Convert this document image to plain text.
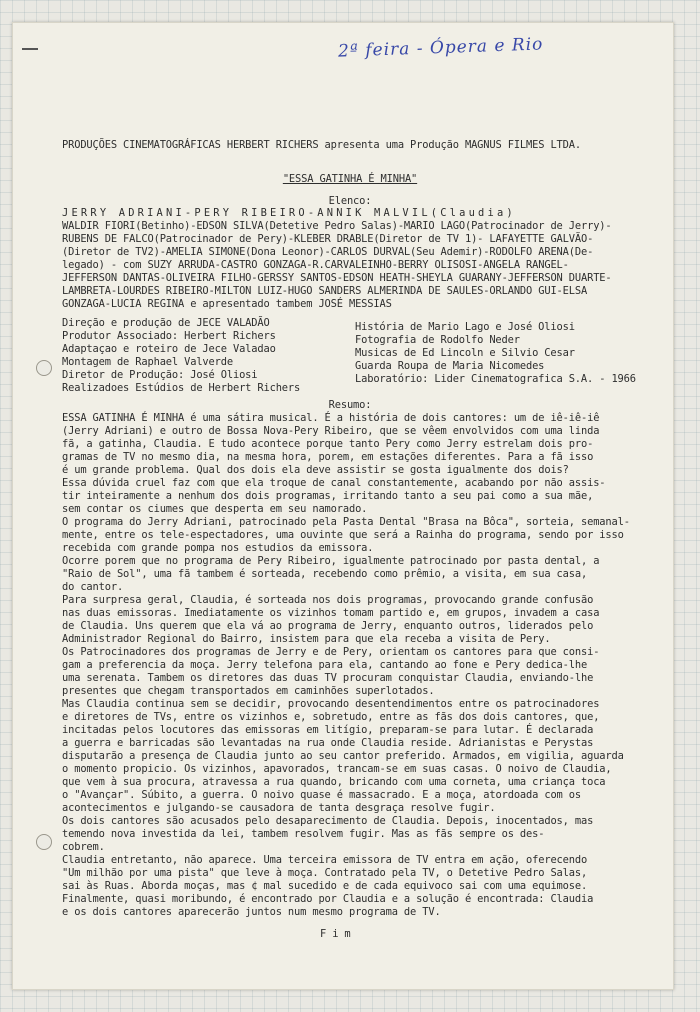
2ª feira - Ópera e Rio
PRODUÇÕES CINEMATOGRÁFICAS HERBERT RICHERS apresenta uma Produção MAGNUS FILMES LTDA.
"ESSA GATINHA É MINHA"
Elenco:
JERRY ADRIANI-PERY RIBEIRO-ANNIK MALVIL(Claudia)
WALDIR FIORI(Betinho)-EDSON SILVA(Detetive Pedro Salas)-MARIO LAGO(Patrocinador de Jerry)-
RUBENS DE FALCO(Patrocinador de Pery)-KLEBER DRABLE(Diretor de TV 1)- LAFAYETTE GALVÃO-
(Diretor de TV2)-AMELIA SIMONE(Dona Leonor)-CARLOS DURVAL(Seu Ademir)-RODOLFO ARENA(De-
legado) - com SUZY ARRUDA-CASTRO GONZAGA-R.CARVALEINHO-BERRY OLISOSI-ANGELA RANGEL-
JEFFERSON DANTAS-OLIVEIRA FILHO-GERSSY SANTOS-EDSON HEATH-SHEYLA GUARANY-JEFFERSON DUARTE-
LAMBRETA-LOURDES RIBEIRO-MILTON LUIZ-HUGO SANDERS ALMERINDA DE SAULES-ORLANDO GUI-ELSA
GONZAGA-LUCIA REGINA e apresentado tambem JOSÉ MESSIAS
Direção e produção de JECE VALADÃO
Produtor Associado: Herbert Richers
Adaptaçao e roteiro de Jece Valadao
Montagem de Raphael Valverde
Diretor de Produção: José Oliosi
Realizadoes Estúdios de Herbert Richers
História de Mario Lago e José Oliosi
Fotografia de Rodolfo Neder
Musicas de Ed Lincoln e Silvio Cesar
Guarda Roupa de Maria Nicomedes
Laboratório: Lider Cinematografica S.A. - 1966
Resumo:
ESSA GATINHA É MINHA é uma sátira musical. É a história de dois cantores: um de iê-iê-iê
(Jerry Adriani) e outro de Bossa Nova-Pery Ribeiro, que se vêem envolvidos com uma linda
fã, a gatinha, Claudia. E tudo acontece porque tanto Pery como Jerry estrelam dois pro-
gramas de TV no mesmo dia, na mesma hora, porem, em estações diferentes. Para a fã isso
é um grande problema. Qual dos dois ela deve assistir se gosta igualmente dos dois?
Essa dúvida cruel faz com que ela troque de canal constantemente, acabando por não assis-
tir inteiramente a nenhum dos dois programas, irritando tanto a seu pai como a sua mãe,
sem contar os ciumes que desperta em seu namorado.
O programa do Jerry Adriani, patrocinado pela Pasta Dental "Brasa na Bôca", sorteia, semanal-
mente, entre os tele-espectadores, uma ouvinte que será a Rainha do programa, sendo por isso
recebida com grande pompa nos estudios da emissora.
Ocorre porem que no programa de Pery Ribeiro, igualmente patrocinado por pasta dental, a
"Raio de Sol", uma fã tambem é sorteada, recebendo como prêmio, a visita, em sua casa,
do cantor.
Para surpresa geral, Claudia, é sorteada nos dois programas, provocando grande confusão
nas duas emissoras. Imediatamente os vizinhos tomam partido e, em grupos, invadem a casa
de Claudia. Uns querem que ela vá ao programa de Jerry, enquanto outros, liderados pelo
Administrador Regional do Bairro, insistem para que ela receba a visita de Pery.
Os Patrocinadores dos programas de Jerry e de Pery, orientam os cantores para que consi-
gam a preferencia da moça. Jerry telefona para ela, cantando ao fone e Pery dedica-lhe
uma serenata. Tambem os diretores das duas TV procuram conquistar Claudia, enviando-lhe
presentes que chegam transportados em caminhões superlotados.
Mas Claudia continua sem se decidir, provocando desentendimentos entre os patrocinadores
e diretores de TVs, entre os vizinhos e, sobretudo, entre as fãs dos dois cantores, que,
incitadas pelos locutores das emissoras em litígio, preparam-se para lutar. É declarada
a guerra e barricadas são levantadas na rua onde Claudia reside. Adrianistas e Perystas
disputarão a presença de Claudia junto ao seu cantor preferido. Armados, em vigilia, aguarda
o momento propicio. Os vizinhos, apavorados, trancam-se em suas casas. O noivo de Claudia,
que vem à sua procura, atravessa a rua quando, bricando com uma corneta, uma criança toca
o "Avançar". Súbito, a guerra. O noivo quase é massacrado. E a moça, atordoada com os
acontecimentos e julgando-se causadora de tanta desgraça resolve fugir.
Os dois cantores são acusados pelo desaparecimento de Claudia. Depois, inocentados, mas
temendo nova investida da lei, tambem resolvem fugir. Mas as fãs sempre os des-
cobrem.
Claudia entretanto, não aparece. Uma terceira emissora de TV entra em ação, oferecendo
"Um milhão por uma pista" que leve à moça. Contratado pela TV, o Detetive Pedro Salas,
sai às Ruas. Aborda moças, mas ¢ mal sucedido e de cada equivoco sai com uma equimose.
Finalmente, quasi moribundo, é encontrado por Claudia e a solução é encontrada: Claudia
e os dois cantores aparecerão juntos num mesmo programa de TV.
F i m
